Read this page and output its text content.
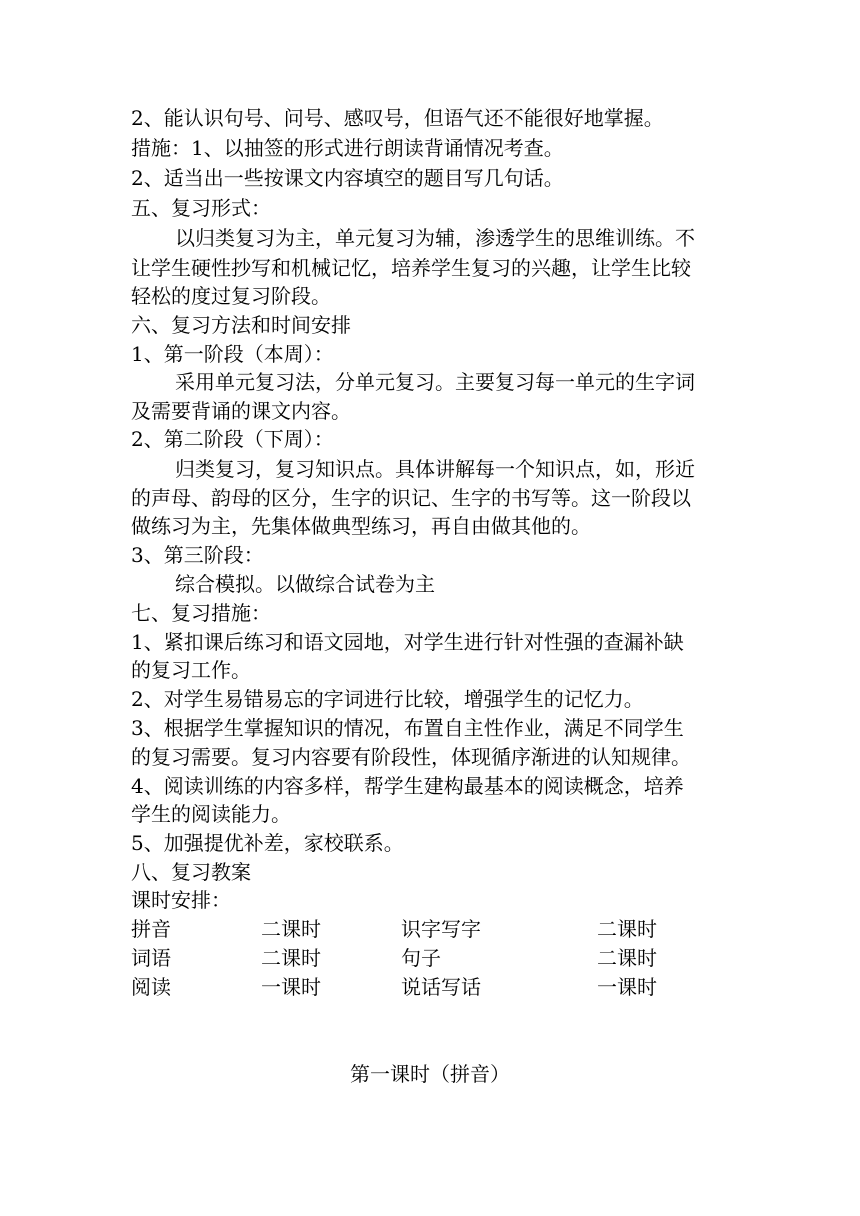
2、能认识句号、问号、感叹号，但语气还不能很好地掌握。
措施：1、以抽签的形式进行朗读背诵情况考查。
2、适当出一些按课文内容填空的题目写几句话。
五、复习形式：
以归类复习为主，单元复习为辅，渗透学生的思维训练。不
让学生硬性抄写和机械记忆，培养学生复习的兴趣，让学生比较
轻松的度过复习阶段。
六、复习方法和时间安排
1、第一阶段（本周）：
采用单元复习法，分单元复习。主要复习每一单元的生字词
及需要背诵的课文内容。
2、第二阶段（下周）：
归类复习，复习知识点。具体讲解每一个知识点，如，形近
的声母、韵母的区分，生字的识记、生字的书写等。这一阶段以
做练习为主，先集体做典型练习，再自由做其他的。
3、第三阶段：
综合模拟。以做综合试卷为主
七、复习措施：
1、紧扣课后练习和语文园地，对学生进行针对性强的查漏补缺
的复习工作。
2、对学生易错易忘的字词进行比较，增强学生的记忆力。
3、根据学生掌握知识的情况，布置自主性作业，满足不同学生
的复习需要。复习内容要有阶段性，体现循序渐进的认知规律。
4、阅读训练的内容多样，帮学生建构最基本的阅读概念，培养
学生的阅读能力。
5、加强提优补差，家校联系。
八、复习教案
课时安排：
拼音	二课时	识字写字	二课时
词语	二课时	句子	二课时
阅读	一课时	说话写话	一课时
第一课时（拼音）
